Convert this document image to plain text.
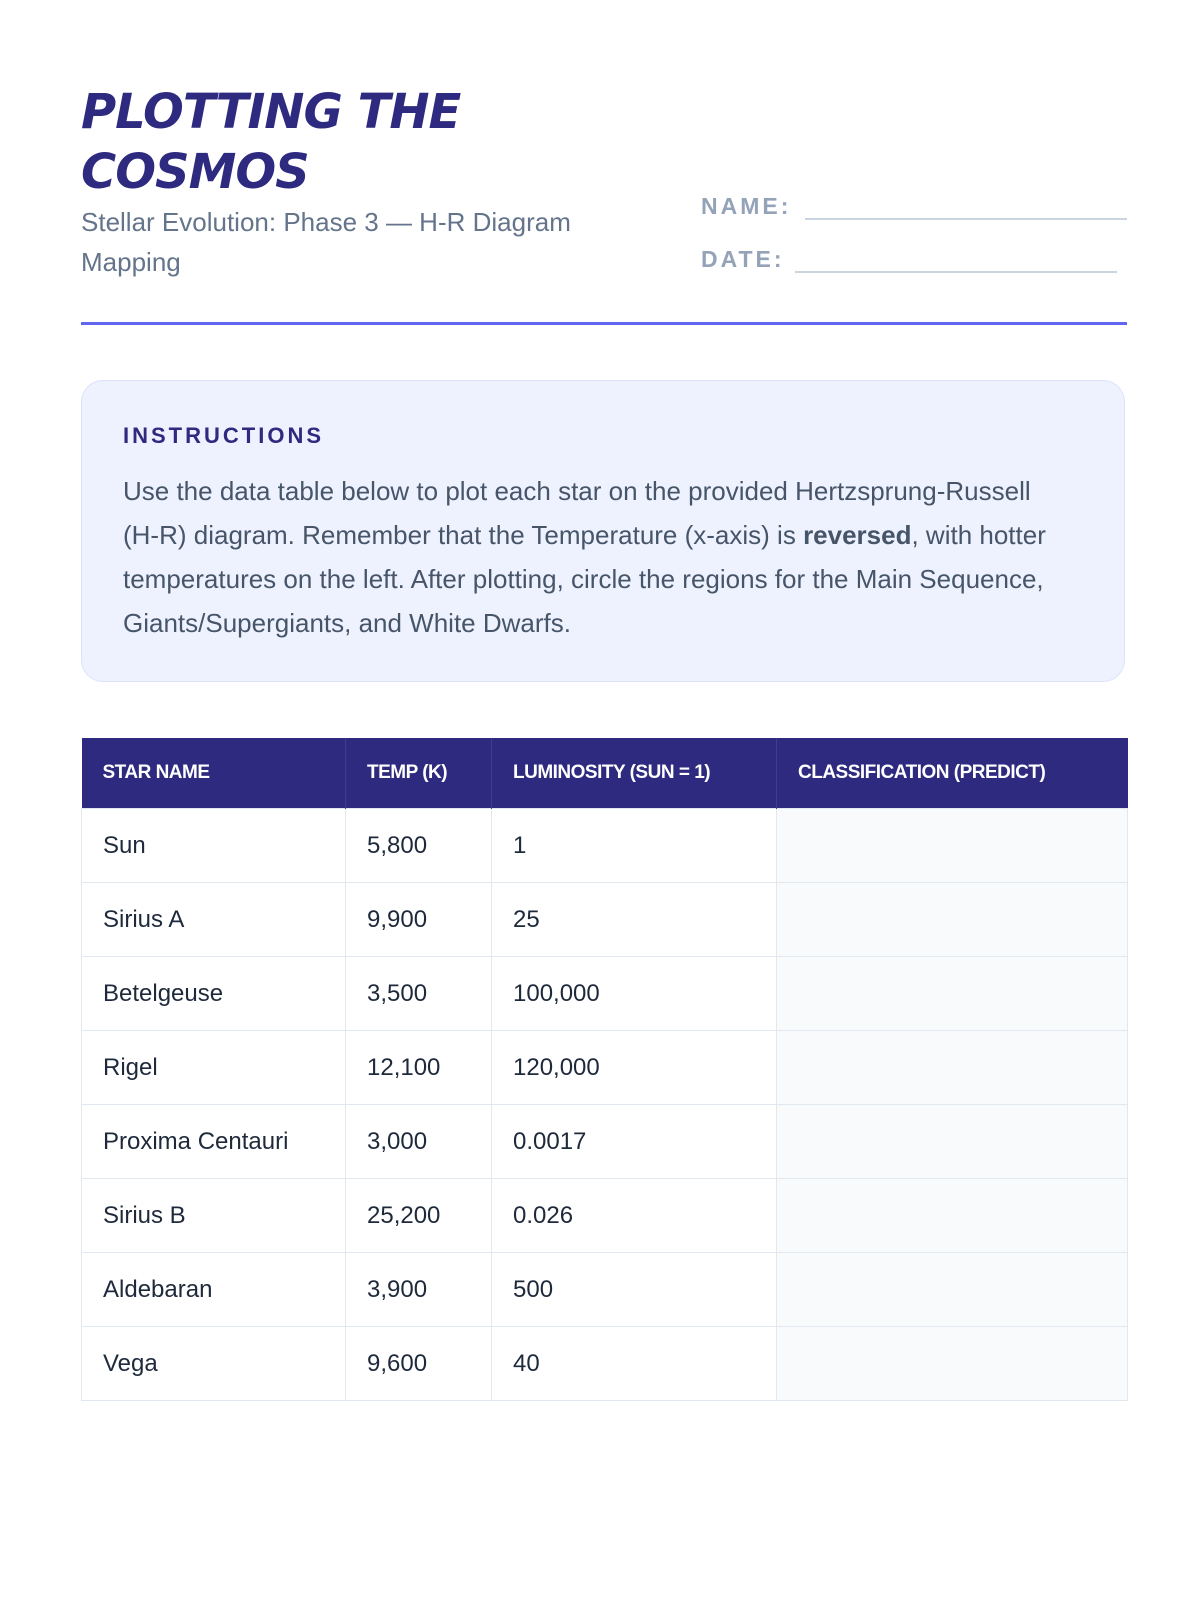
PLOTTING THE COSMOS

Stellar Evolution: Phase 3 — H-R Diagram Mapping

NAME:
DATE:
INSTRUCTIONS

Use the data table below to plot each star on the provided Hertzsprung-Russell (H-R) diagram. Remember that the Temperature (x-axis) is reversed, with hotter temperatures on the left. After plotting, circle the regions for the Main Sequence, Giants/Supergiants, and White Dwarfs.

STAR NAME	TEMP (K)	LUMINOSITY (SUN = 1)	CLASSIFICATION (PREDICT)
Sun	5,800	1	
Sirius A	9,900	25	
Betelgeuse	3,500	100,000	
Rigel	12,100	120,000	
Proxima Centauri	3,000	0.0017	
Sirius B	25,200	0.026	
Aldebaran	3,900	500	
Vega	9,600	40	
